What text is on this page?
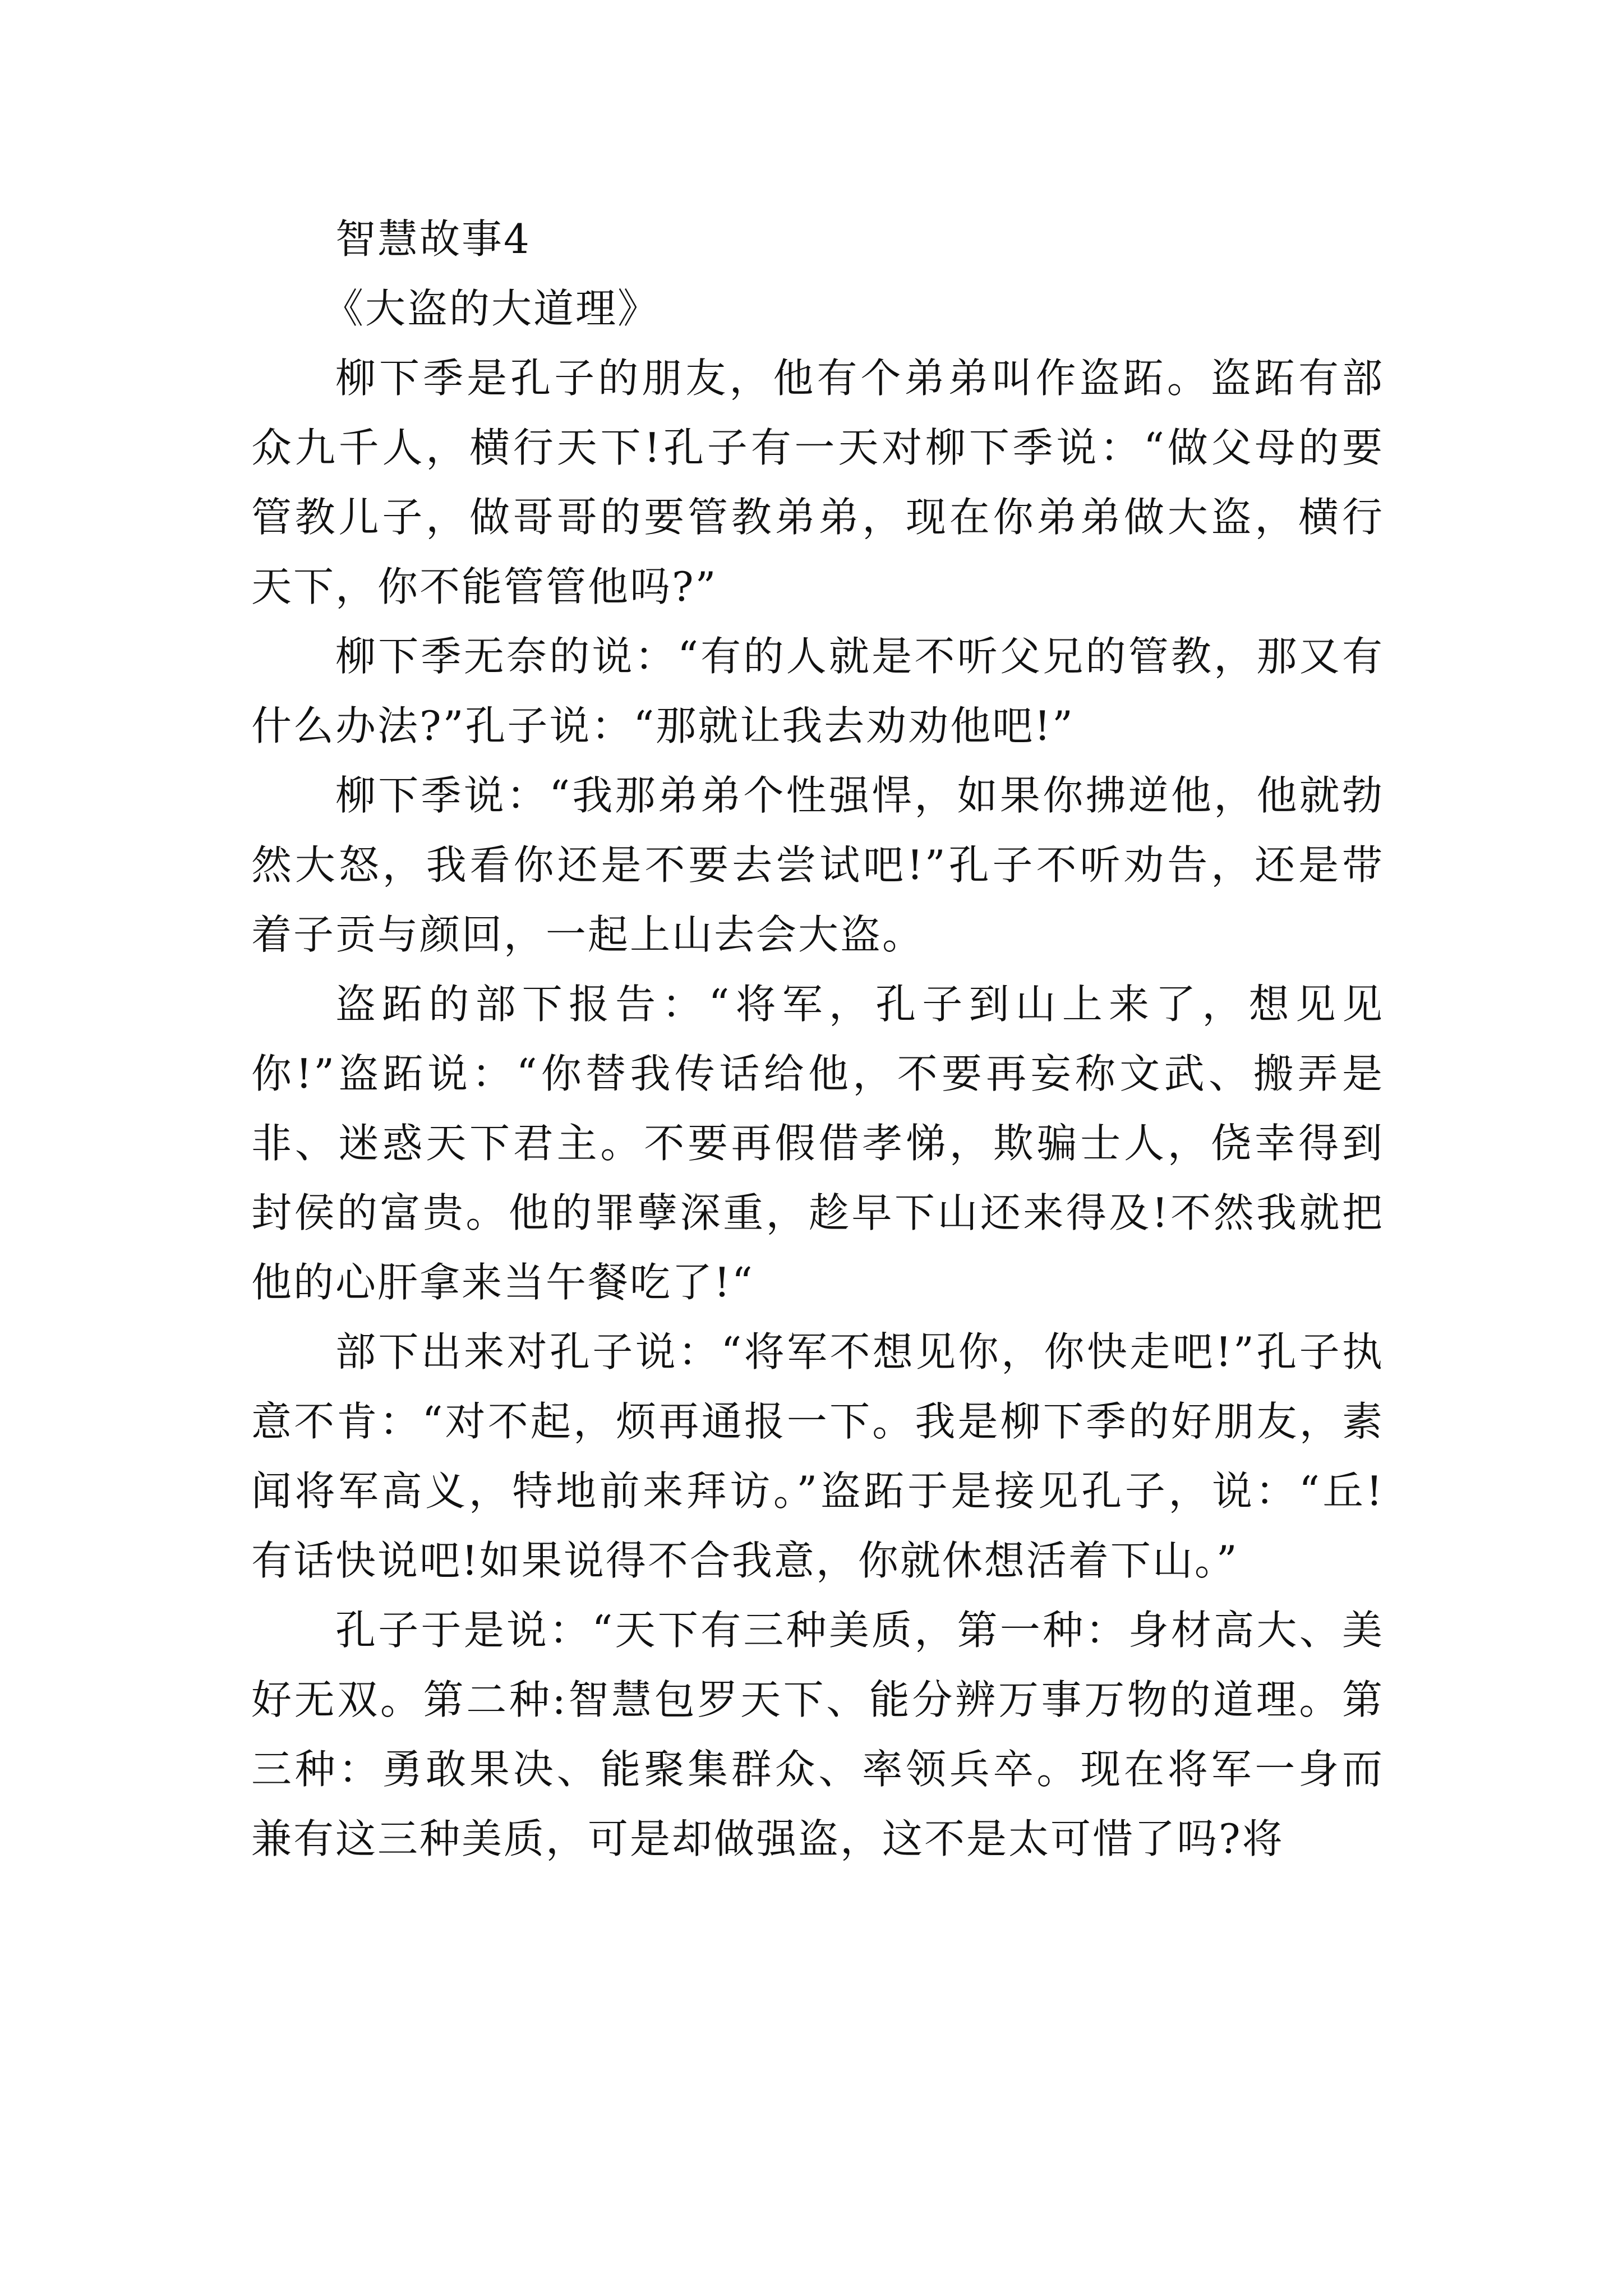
智慧故事4

《大盗的大道理》

柳下季是孔子的朋友，他有个弟弟叫作盗跖。盗跖有部众九千人，横行天下!孔子有一天对柳下季说：“做父母的要管教儿子，做哥哥的要管教弟弟，现在你弟弟做大盗，横行天下，你不能管管他吗?”

柳下季无奈的说：“有的人就是不听父兄的管教，那又有什么办法?”孔子说：“那就让我去劝劝他吧!”

柳下季说：“我那弟弟个性强悍，如果你拂逆他，他就勃然大怒，我看你还是不要去尝试吧!”孔子不听劝告，还是带着子贡与颜回，一起上山去会大盗。

盗跖的部下报告：“将军，孔子到山上来了，想见见你!”盗跖说：“你替我传话给他，不要再妄称文武、搬弄是非、迷惑天下君主。不要再假借孝悌，欺骗士人，侥幸得到封侯的富贵。他的罪孽深重，趁早下山还来得及!不然我就把他的心肝拿来当午餐吃了!“

部下出来对孔子说：“将军不想见你，你快走吧!”孔子执意不肯：“对不起，烦再通报一下。我是柳下季的好朋友，素闻将军高义，特地前来拜访。”盗跖于是接见孔子，说：“丘!有话快说吧!如果说得不合我意，你就休想活着下山。”

孔子于是说：“天下有三种美质，第一种：身材高大、美好无双。第二种:智慧包罗天下、能分辨万事万物的道理。第三种：勇敢果决、能聚集群众、率领兵卒。现在将军一身而兼有这三种美质，可是却做强盗，这不是太可惜了吗?将
